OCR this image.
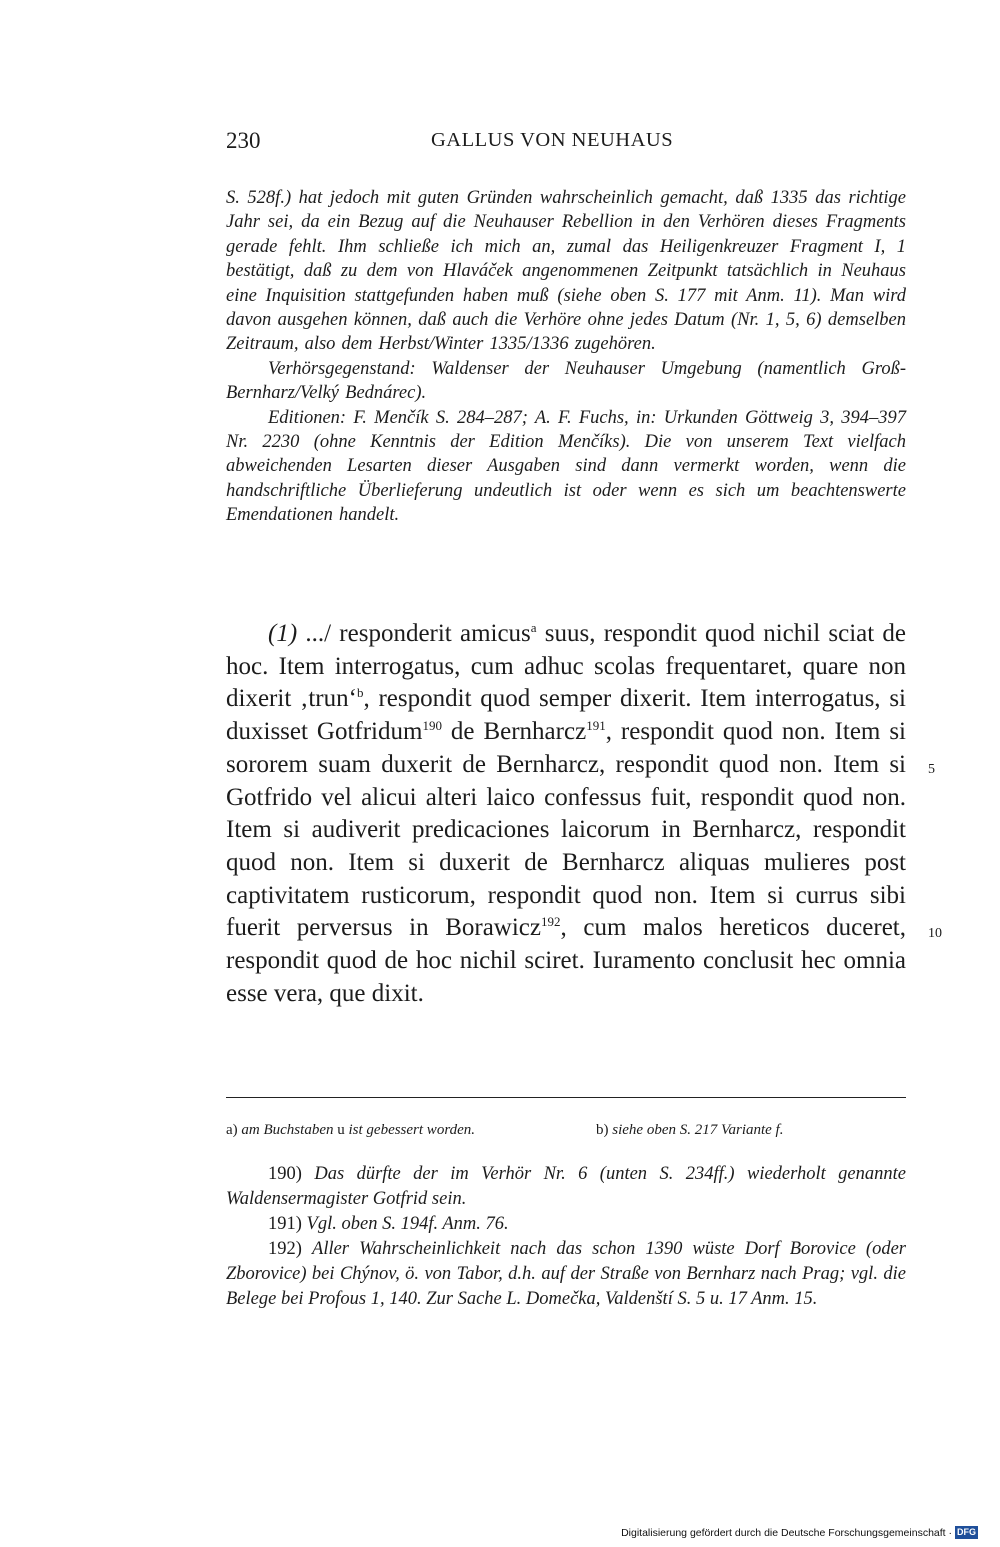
230	GALLUS VON NEUHAUS

S. 528f.) hat jedoch mit guten Gründen wahrscheinlich gemacht, daß 1335 das richtige Jahr sei, da ein Bezug auf die Neuhauser Rebellion in den Verhören dieses Fragments gerade fehlt. Ihm schließe ich mich an, zumal das Heiligenkreuzer Fragment I, 1 bestätigt, daß zu dem von Hlaváček angenommenen Zeitpunkt tatsächlich in Neuhaus eine Inquisition stattgefunden haben muß (siehe oben S. 177 mit Anm. 11). Man wird davon ausgehen können, daß auch die Verhöre ohne jedes Datum (Nr. 1, 5, 6) demselben Zeitraum, also dem Herbst/Winter 1335/1336 zugehören.

Verhörsgegenstand: Waldenser der Neuhauser Umgebung (namentlich Groß-Bernharz/Velký Bednárec).

Editionen: F. Menčík S. 284–287; A. F. Fuchs, in: Urkunden Göttweig 3, 394–397 Nr. 2230 (ohne Kenntnis der Edition Menčíks). Die von unserem Text vielfach abweichenden Lesarten dieser Ausgaben sind dann vermerkt worden, wenn die handschriftliche Überlieferung undeutlich ist oder wenn es sich um beachtenswerte Emendationen handelt.

(1) .../ responderit amicus$^a$ suus, respondit quod nichil sciat de hoc. Item interrogatus, cum adhuc scolas frequentaret, quare non dixerit ‚trun‘$^b$, respondit quod semper dixerit. Item interrogatus, si duxisset Gotfridum$^{190}$ de Bernharcz$^{191}$, respondit quod non. Item si sororem suam duxerit de Bernharcz, respondit quod non. Item si Gotfrido vel alicui alteri laico confessus fuit, respondit quod non. Item si audiverit predicaciones laicorum in Bernharcz, respondit quod non. Item si duxerit de Bernharcz aliquas mulieres post captivitatem rusticorum, respondit quod non. Item si currus sibi fuerit perversus in Borawicz$^{192}$, cum malos hereticos duceret, respondit quod de hoc nichil sciret. Iuramento conclusit hec omnia esse vera, que dixit.

5
10
a) am Buchstaben u ist gebessert worden.	b) siehe oben S. 217 Variante f.

190) Das dürfte der im Verhör Nr. 6 (unten S. 234ff.) wiederholt genannte Waldensermagister Gotfrid sein.

191) Vgl. oben S. 194f. Anm. 76.

192) Aller Wahrscheinlichkeit nach das schon 1390 wüste Dorf Borovice (oder Zborovice) bei Chýnov, ö. von Tabor, d.h. auf der Straße von Bernharz nach Prag; vgl. die Belege bei Profous 1, 140. Zur Sache L. Domečka, Valdenští S. 5 u. 17 Anm. 15.

Digitalisierung gefördert durch die Deutsche Forschungsgemeinschaft · DFG
